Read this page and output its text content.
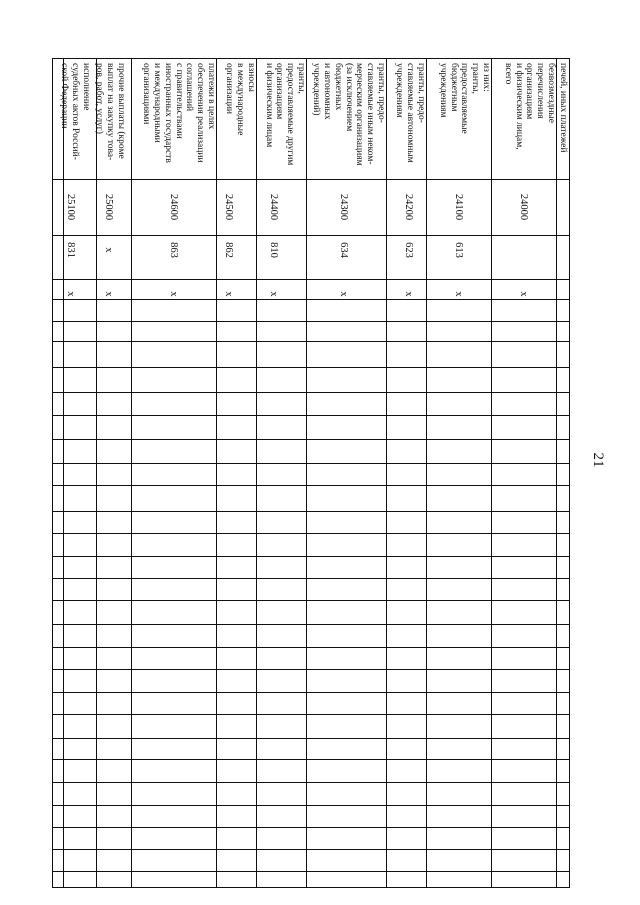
21
печей, иных платежей
безвозмездные
перечисления
организациям
и физическим лицам,
всего
24000
x
из них:
гранты,
предоставляемые
бюджетным
учреждениям
24100
613
x
гранты, предо-
ставляемые автономным
учреждениям
24200
623
x
гранты, предо-
ставляемые иным неком-
мерческим организациям
(за исключением
бюджетных
и автономных
учреждений)
24300
634
x
гранты,
предоставляемые другим
организациям
и физическим лицам
24400
810
x
взносы
в международные
организации
24500
862
x
платежи в целях
обеспечения реализации
соглашений
с правительствами
иностранных государств
и международными
организациями
24600
863
x
прочие выплаты (кроме
выплат на закупку това-
ров, работ, услуг)
25000
x
x
исполнение
судебных актов Россий-
ской Федерации
25100
831
x
